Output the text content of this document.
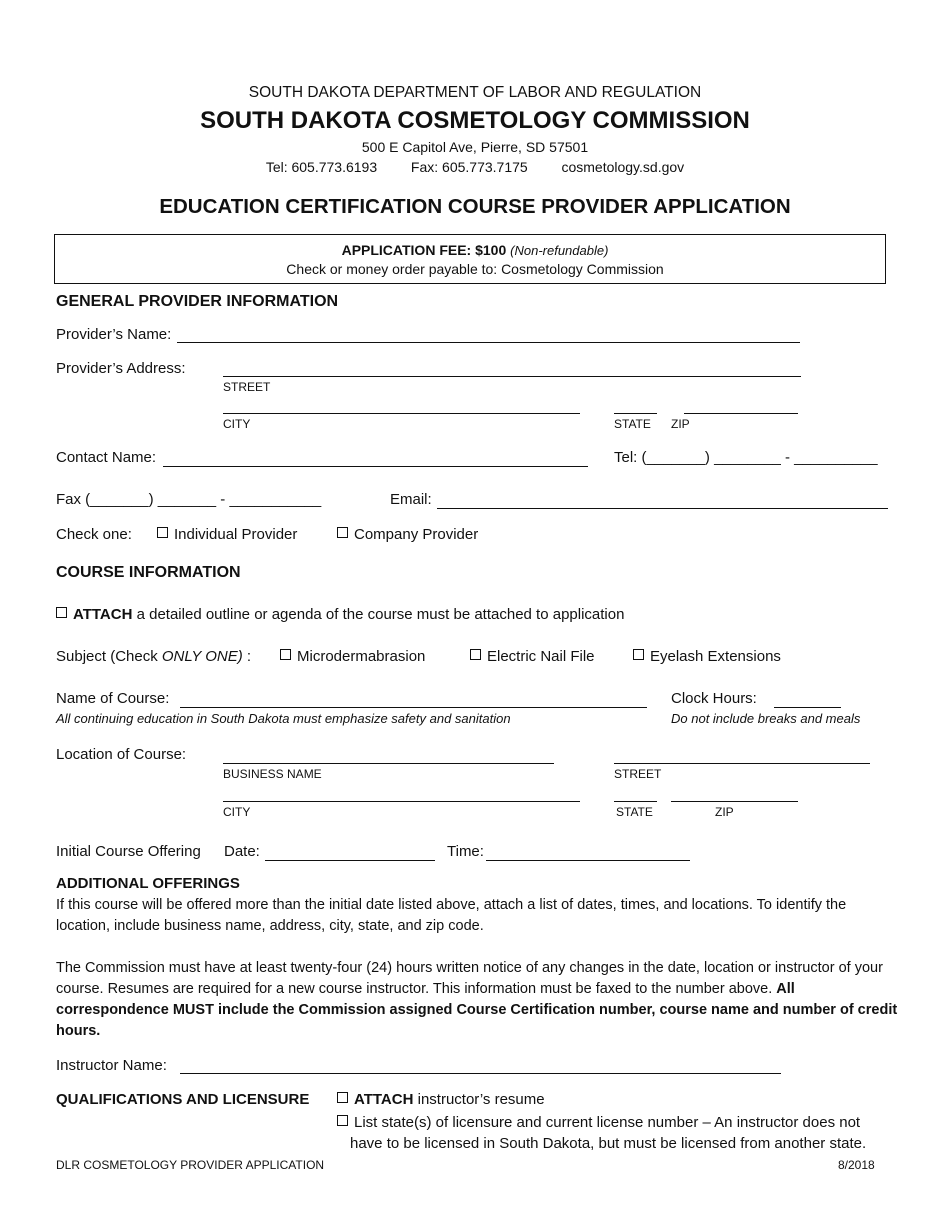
SOUTH DAKOTA DEPARTMENT OF LABOR AND REGULATION
SOUTH DAKOTA COSMETOLOGY COMMISSION
500 E Capitol Ave, Pierre, SD 57501
Tel: 605.773.6193 Fax: 605.773.7175 cosmetology.sd.gov
EDUCATION CERTIFICATION COURSE PROVIDER APPLICATION
APPLICATION FEE: $100 (Non-refundable)
Check or money order payable to: Cosmetology Commission
GENERAL PROVIDER INFORMATION
Provider’s Name:
Provider’s Address:
STREET
CITY	STATE ZIP
Contact Name:	Tel: (_______) ________ - __________
Fax (_______) _______ - ___________	Email:
Check one:	Individual Provider	Company Provider
COURSE INFORMATION
ATTACH a detailed outline or agenda of the course must be attached to application
Subject (Check ONLY ONE) :	Microdermabrasion	Electric Nail File	Eyelash Extensions
Name of Course:
All continuing education in South Dakota must emphasize safety and sanitation
Clock Hours:
Do not include breaks and meals
Location of Course:
BUSINESS NAME	STREET
CITY	STATE	ZIP
Initial Course Offering Date:	Time:
ADDITIONAL OFFERINGS
If this course will be offered more than the initial date listed above, attach a list of dates, times, and locations. To identify the location, include business name, address, city, state, and zip code.
The Commission must have at least twenty-four (24) hours written notice of any changes in the date, location or instructor of your course. Resumes are required for a new course instructor. This information must be faxed to the number above. All correspondence MUST include the Commission assigned Course Certification number, course name and number of credit hours.
Instructor Name:
QUALIFICATIONS AND LICENSURE	ATTACH instructor’s resume
List state(s) of licensure and current license number – An instructor does not
have to be licensed in South Dakota, but must be licensed from another state.
DLR COSMETOLOGY PROVIDER APPLICATION	8/2018
